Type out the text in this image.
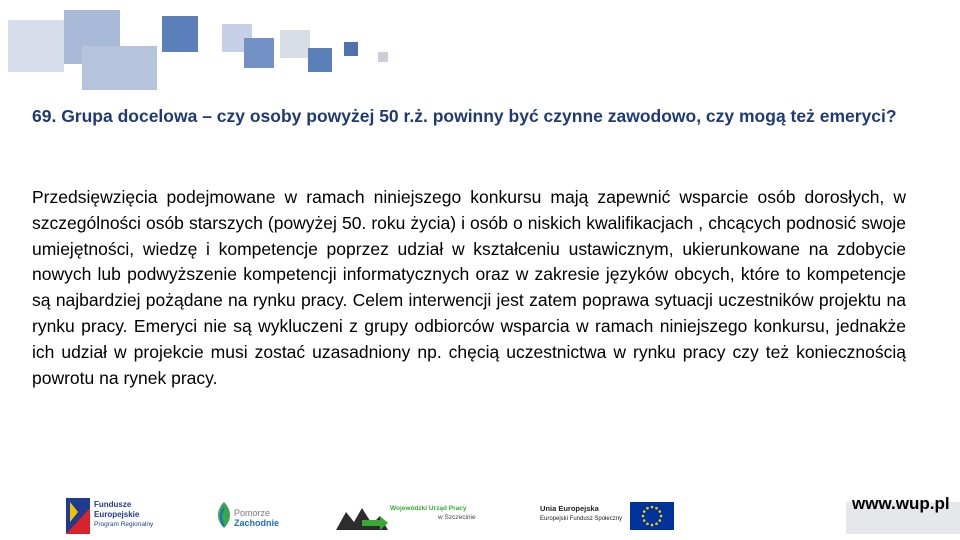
69. Grupa docelowa – czy osoby powyżej 50 r.ż. powinny być czynne zawodowo, czy mogą też emeryci?
Przedsięwzięcia podejmowane w ramach niniejszego konkursu mają zapewnić wsparcie osób dorosłych, w szczególności osób starszych (powyżej 50. roku życia) i osób o niskich kwalifikacjach , chcących podnosić swoje umiejętności, wiedzę i kompetencje poprzez udział w kształceniu ustawicznym, ukierunkowane na zdobycie nowych lub podwyższenie kompetencji informatycznych oraz w zakresie języków obcych, które to kompetencje są najbardziej pożądane na rynku pracy. Celem interwencji jest zatem poprawa sytuacji uczestników projektu na rynku pracy. Emeryci nie są wykluczeni z grupy odbiorców wsparcia w ramach niniejszego konkursu, jednakże ich udział w projekcie musi zostać uzasadniony np. chęcią uczestnictwa w rynku pracy czy też koniecznością powrotu na rynek pracy.
Fundusze
Europejskie
Program Regionalny
Pomorze
Zachodnie
Wojewódzki Urząd Pracy
w Szczecinie
Unia Europejska
Europejski Fundusz Społeczny
www.wup.pl
